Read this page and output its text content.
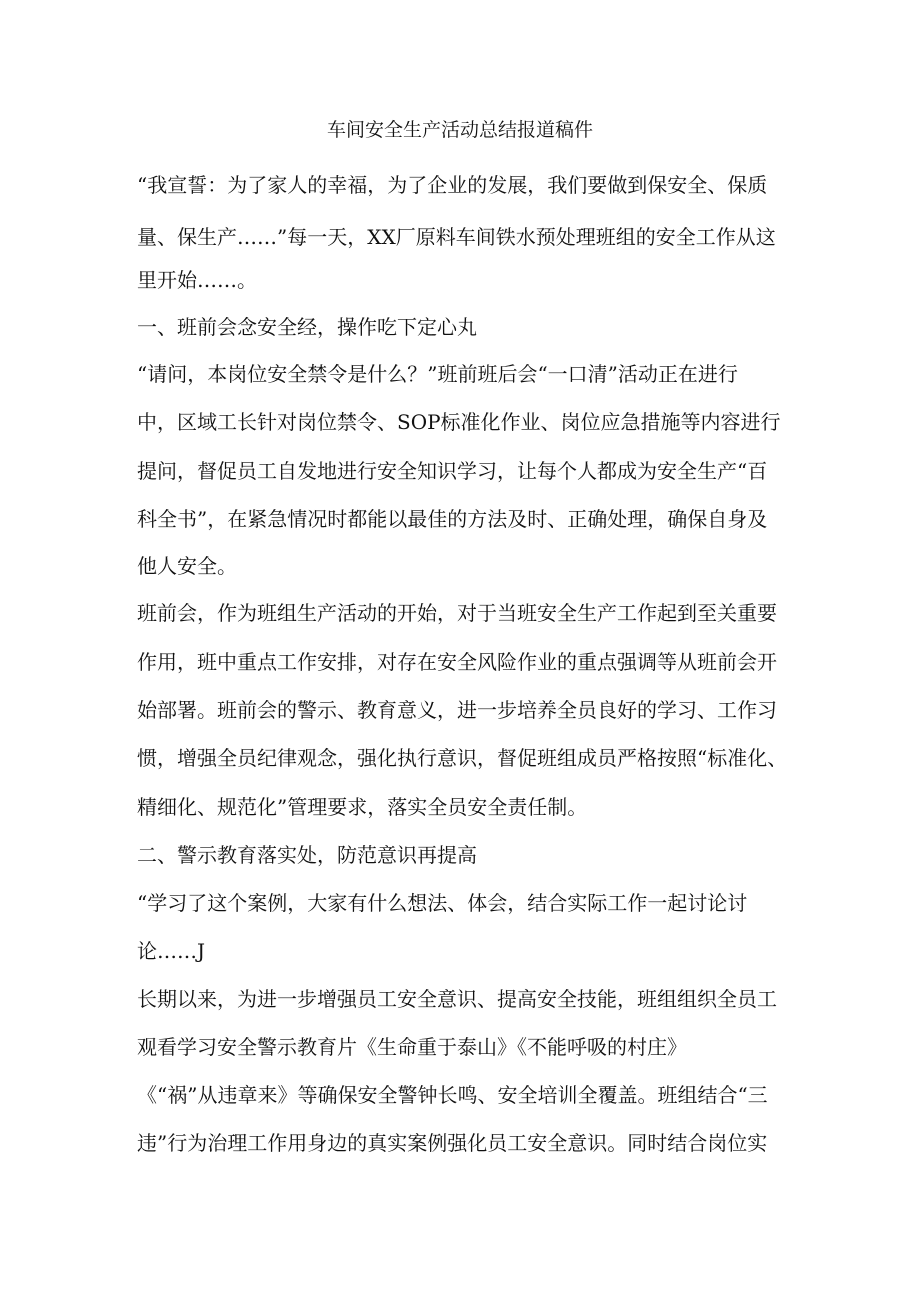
车间安全生产活动总结报道稿件
“我宣誓：为了家人的幸福，为了企业的发展，我们要做到保安全、保质
量、保生产……”每一天，XX厂原料车间铁水预处理班组的安全工作从这
里开始……。
一、班前会念安全经，操作吃下定心丸
“请问，本岗位安全禁令是什么？”班前班后会“一口清”活动正在进行
中，区域工长针对岗位禁令、SOP标准化作业、岗位应急措施等内容进行
提问，督促员工自发地进行安全知识学习，让每个人都成为安全生产“百
科全书”，在紧急情况时都能以最佳的方法及时、正确处理，确保自身及
他人安全。
班前会，作为班组生产活动的开始，对于当班安全生产工作起到至关重要
作用，班中重点工作安排，对存在安全风险作业的重点强调等从班前会开
始部署。班前会的警示、教育意义，进一步培养全员良好的学习、工作习
惯，增强全员纪律观念，强化执行意识，督促班组成员严格按照“标准化、
精细化、规范化”管理要求，落实全员安全责任制。
二、警示教育落实处，防范意识再提高
“学习了这个案例，大家有什么想法、体会，结合实际工作一起讨论讨
论……J
长期以来，为进一步增强员工安全意识、提高安全技能，班组组织全员工
观看学习安全警示教育片《生命重于泰山》《不能呼吸的村庄》
《“祸”从违章来》等确保安全警钟长鸣、安全培训全覆盖。班组结合“三
违”行为治理工作用身边的真实案例强化员工安全意识。同时结合岗位实
